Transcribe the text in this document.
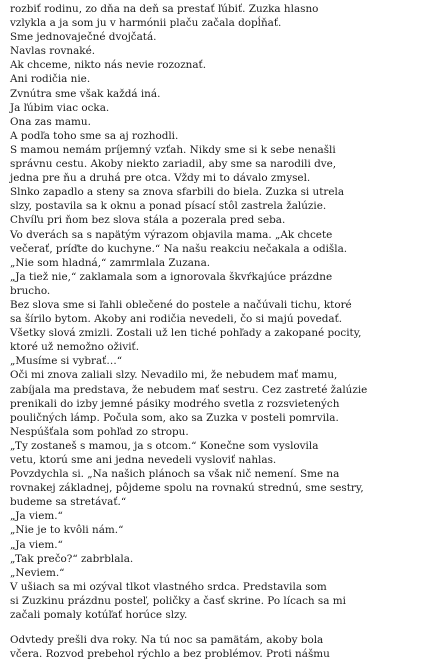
rozbiť rodinu, zo dňa na deň sa prestať ľúbiť. Zuzka hlasno
vzlykla a ja som ju v harmónii plaču začala dopĺňať.
Sme jednovaječné dvojčatá.
Navlas rovnaké.
Ak chceme, nikto nás nevie rozoznať.
Ani rodičia nie.
Zvnútra sme však každá iná.
Ja ľúbim viac ocka.
Ona zas mamu.
A podľa toho sme sa aj rozhodli.
S mamou nemám príjemný vzťah. Nikdy sme si k sebe nenašli
správnu cestu. Akoby niekto zariadil, aby sme sa narodili dve,
jedna pre ňu a druhá pre otca. Vždy mi to dávalo zmysel.
Slnko zapadlo a steny sa znova sfarbili do biela. Zuzka si utrela
slzy, postavila sa k oknu a ponad písací stôl zastrela žalúzie.
Chvíľu pri ňom bez slova stála a pozerala pred seba.
Vo dverách sa s napätým výrazom objavila mama. „Ak chcete
večerať, príďte do kuchyne.“ Na našu reakciu nečakala a odišla.
„Nie som hladná,“ zamrmlala Zuzana.
„Ja tiež nie,“ zaklamala som a ignorovala škvŕkajúce prázdne
brucho.
Bez slova sme si ľahli oblečené do postele a načúvali tichu, ktoré
sa šírilo bytom. Akoby ani rodičia nevedeli, čo si majú povedať.
Všetky slová zmizli. Zostali už len tiché pohľady a zakopané pocity,
ktoré už nemožno oživiť.
„Musíme si vybrať…“
Oči mi znova zaliali slzy. Nevadilo mi, že nebudem mať mamu,
zabíjala ma predstava, že nebudem mať sestru. Cez zastreté žalúzie
prenikali do izby jemné pásiky modrého svetla z rozsvietených
pouličných lámp. Počula som, ako sa Zuzka v posteli pomrvila.
Nespúšťala som pohľad zo stropu.
„Ty zostaneš s mamou, ja s otcom.“ Konečne som vyslovila
vetu, ktorú sme ani jedna nevedeli vysloviť nahlas.
Povzdychla si. „Na našich plánoch sa však nič nemení. Sme na
rovnakej základnej, pôjdeme spolu na rovnakú strednú, sme sestry,
budeme sa stretávať.“
„Ja viem.“
„Nie je to kvôli nám.“
„Ja viem.“
„Tak prečo?“ zabrblala.
„Neviem.“
V ušiach sa mi ozýval tlkot vlastného srdca. Predstavila som
si Zuzkinu prázdnu posteľ, poličky a časť skrine. Po lícach sa mi
začali pomaly kotúľať horúce slzy.
Odvtedy prešli dva roky. Na tú noc sa pamätám, akoby bola
včera. Rozvod prebehol rýchlo a bez problémov. Proti nášmu
